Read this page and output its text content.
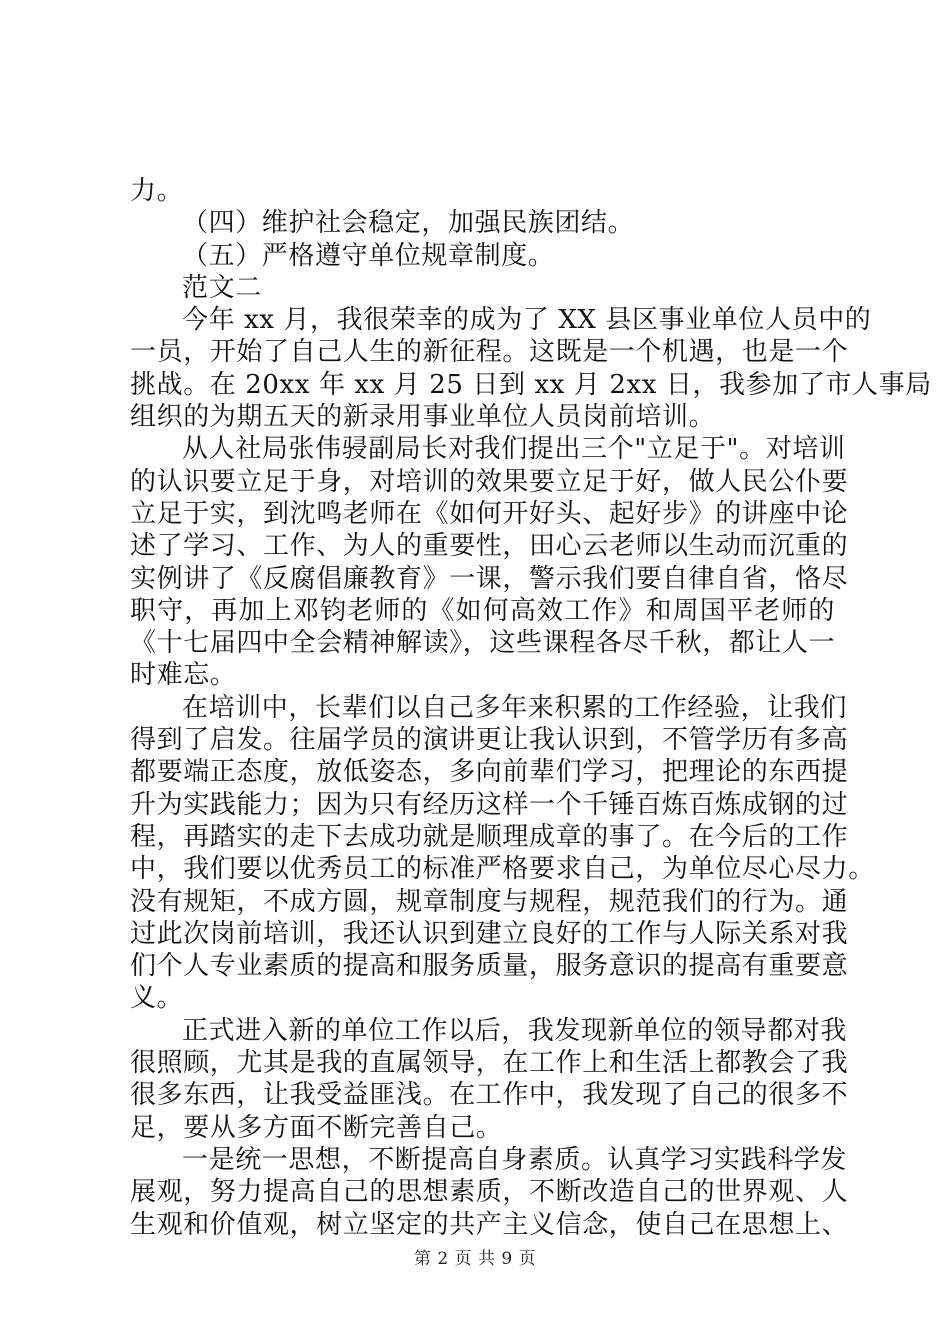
力。
（四）维护社会稳定，加强民族团结。
（五）严格遵守单位规章制度。
范文二
今年 xx 月，我很荣幸的成为了 XX 县区事业单位人员中的
一员，开始了自己人生的新征程。这既是一个机遇，也是一个
挑战。在 20xx 年 xx 月 25 日到 xx 月 2xx 日，我参加了市人事局
组织的为期五天的新录用事业单位人员岗前培训。
从人社局张伟骎副局长对我们提出三个"立足于"。对培训
的认识要立足于身，对培训的效果要立足于好，做人民公仆要
立足于实，到沈鸣老师在《如何开好头、起好步》的讲座中论
述了学习、工作、为人的重要性，田心云老师以生动而沉重的
实例讲了《反腐倡廉教育》一课，警示我们要自律自省，恪尽
职守，再加上邓钧老师的《如何高效工作》和周国平老师的
《十七届四中全会精神解读》，这些课程各尽千秋，都让人一
时难忘。
在培训中，长辈们以自己多年来积累的工作经验，让我们
得到了启发。往届学员的演讲更让我认识到，不管学历有多高
都要端正态度，放低姿态，多向前辈们学习，把理论的东西提
升为实践能力；因为只有经历这样一个千锤百炼百炼成钢的过
程，再踏实的走下去成功就是顺理成章的事了。在今后的工作
中，我们要以优秀员工的标准严格要求自己，为单位尽心尽力。
没有规矩，不成方圆，规章制度与规程，规范我们的行为。通
过此次岗前培训，我还认识到建立良好的工作与人际关系对我
们个人专业素质的提高和服务质量，服务意识的提高有重要意
义。
正式进入新的单位工作以后，我发现新单位的领导都对我
很照顾，尤其是我的直属领导，在工作上和生活上都教会了我
很多东西，让我受益匪浅。在工作中，我发现了自己的很多不
足，要从多方面不断完善自己。
一是统一思想，不断提高自身素质。认真学习实践科学发
展观，努力提高自己的思想素质，不断改造自己的世界观、人
生观和价值观，树立坚定的共产主义信念，使自己在思想上、
第 2 页 共 9 页
